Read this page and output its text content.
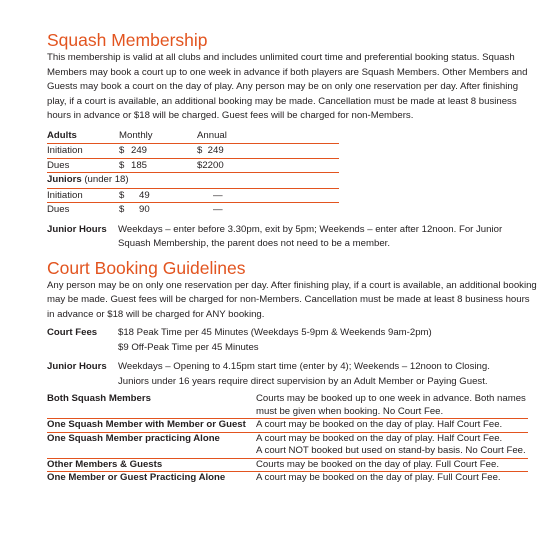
Squash Membership

This membership is valid at all clubs and includes unlimited court time and preferential booking status. Squash Members may book a court up to one week in advance if both players are Squash Members. Other Members and Guests may book a court on the day of play. Any person may be on only one reservation per day. After finishing play, if a court is available, an additional booking may be made. Cancellation must be made at least 8 business hours in advance or $18 will be charged. Guest fees will be charged for non-Members.

Adults	Monthly	Annual
Initiation	$ 249	$  249
Dues	$ 185	$2200
Juniors (under 18)		
Initiation	$ 49	—
Dues	$ 90	—
Junior Hours	Weekdays – enter before 3.30pm, exit by 5pm; Weekends – enter after 12noon. For Junior Squash Membership, the parent does not need to be a member.
Court Booking Guidelines

Any person may be on only one reservation per day. After finishing play, if a court is available, an additional booking may be made. Guest fees will be charged for non-Members. Cancellation must be made at least 8 business hours in advance or $18 will be charged for ANY booking.

Court Fees	$18 Peak Time per 45 Minutes (Weekdays 5-9pm & Weekends 9am-2pm)
$9 Off-Peak Time per 45 Minutes
Junior Hours	Weekdays – Opening to 4.15pm start time (enter by 4); Weekends – 12noon to Closing.
Juniors under 16 years require direct supervision by an Adult Member or Paying Guest.
Both Squash Members	Courts may be booked up to one week in advance. Both names must be given when booking. No Court Fee.
One Squash Member with Member or Guest	A court may be booked on the day of play. Half Court Fee.
One Squash Member practicing Alone	A court may be booked on the day of play. Half Court Fee.
A court NOT booked but used on stand-by basis. No Court Fee.

Other Members & Guests	Courts may be booked on the day of play. Full Court Fee.
One Member or Guest Practicing Alone	A court may be booked on the day of play. Full Court Fee.
